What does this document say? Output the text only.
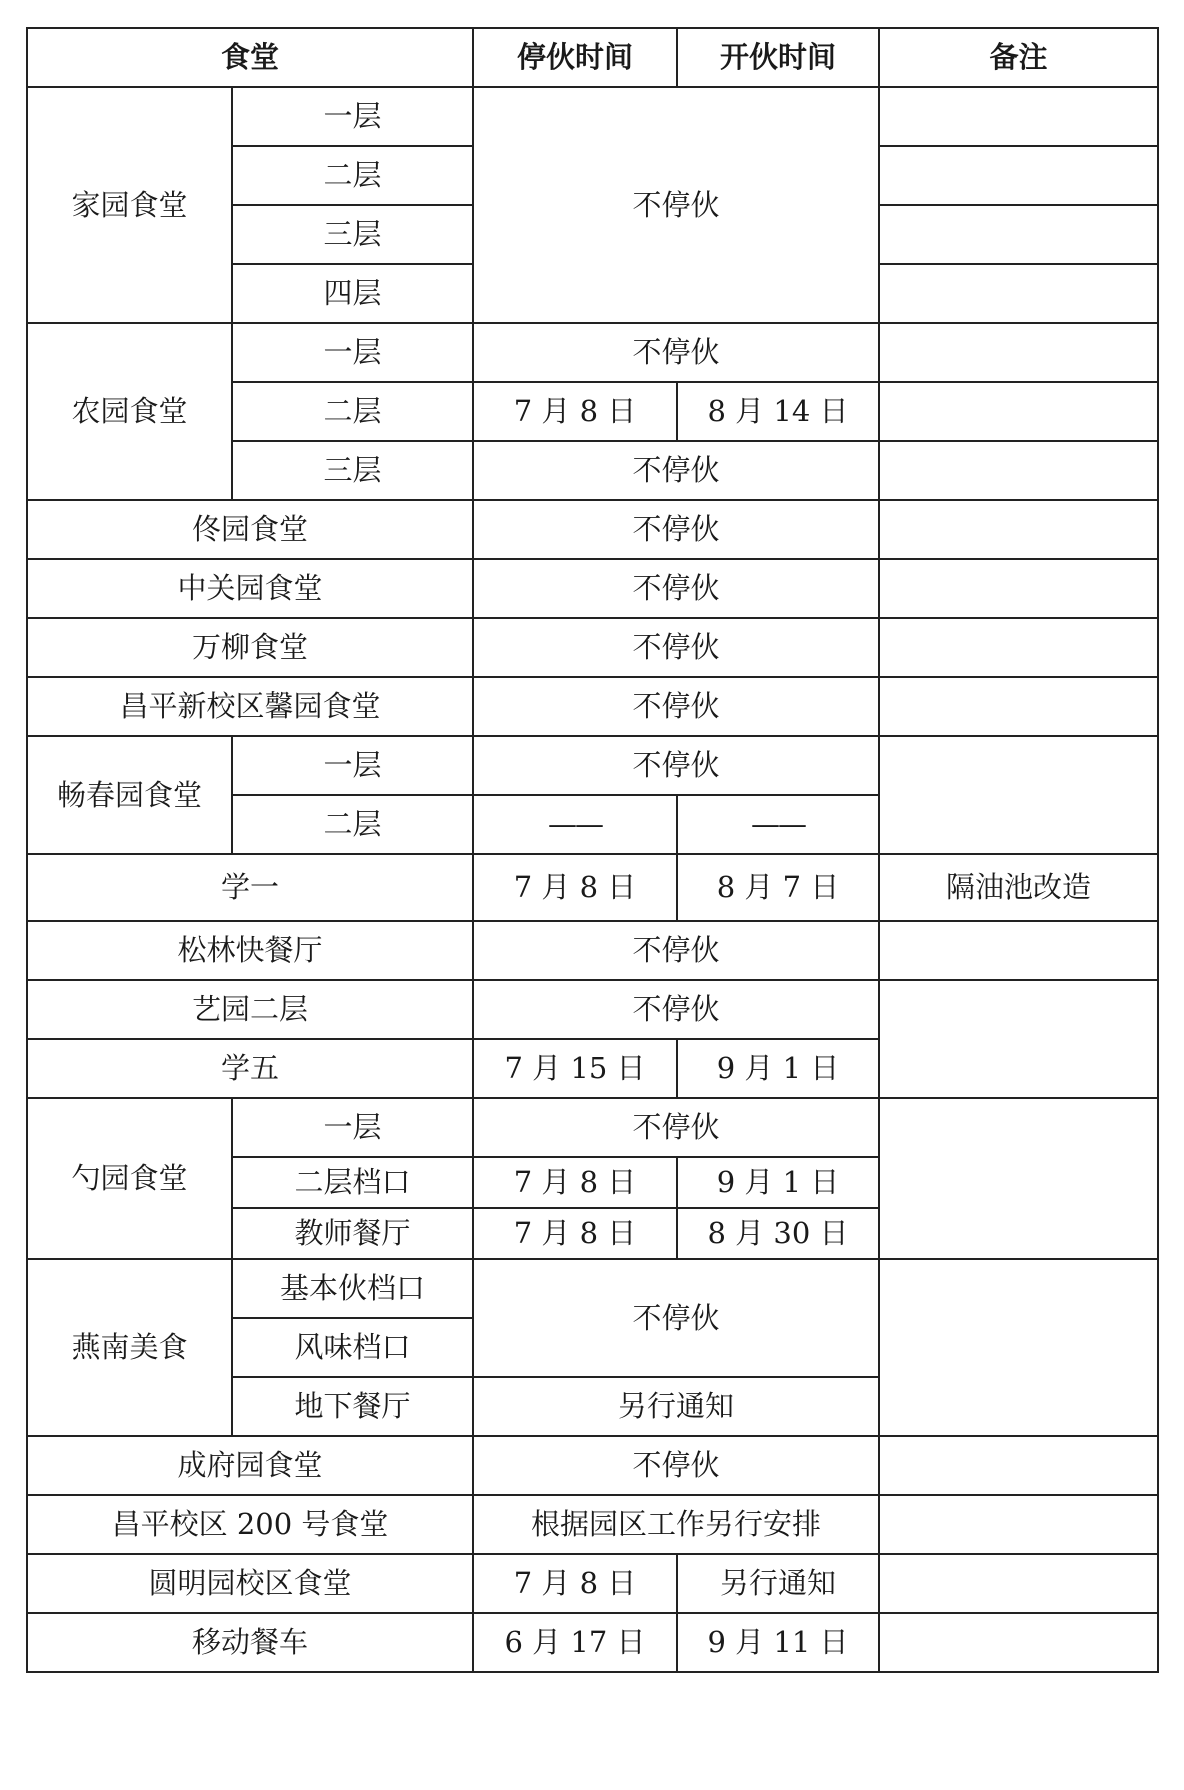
食堂		停伙时间	开伙时间	备注
家园食堂	一层	不停伙		
	二层			
	三层			
	四层			
农园食堂	一层	不停伙		
	二层	7 月 8 日	8 月 14 日	
	三层	不停伙		
佟园食堂		不停伙		
中关园食堂		不停伙		
万柳食堂		不停伙		
昌平新校区馨园食堂		不停伙		
畅春园食堂	一层	不停伙		
	二层	——	——	
学一		7 月 8 日	8 月 7 日	隔油池改造
松林快餐厅		不停伙		
艺园二层		不停伙		
学五		7 月 15 日	9 月 1 日	
勺园食堂	一层	不停伙		
	二层档口	7 月 8 日	9 月 1 日	
	教师餐厅	7 月 8 日	8 月 30 日	
燕南美食	基本伙档口	不停伙		
	风味档口			
	地下餐厅	另行通知		
成府园食堂		不停伙		
昌平校区 200 号食堂		根据园区工作另行安排		
圆明园校区食堂		7 月 8 日	另行通知	
移动餐车		6 月 17 日	9 月 11 日	
